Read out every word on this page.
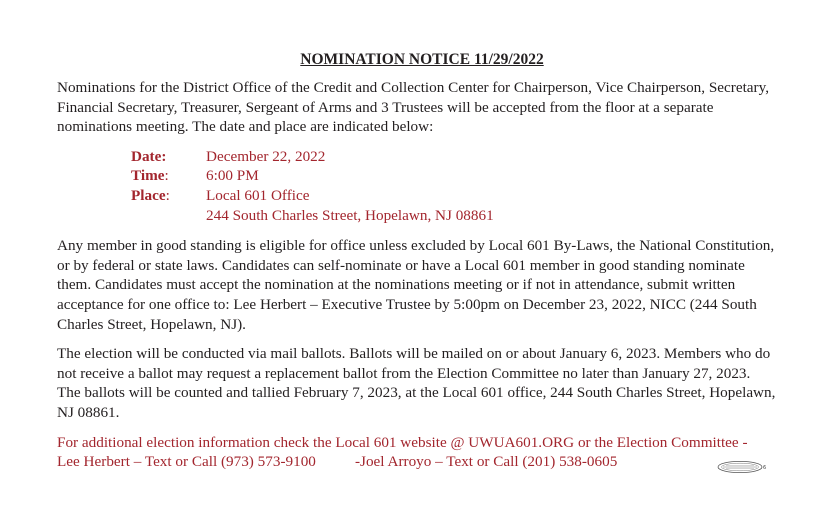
NOMINATION NOTICE 11/29/2022

Nominations for the District Office of the Credit and Collection Center for Chairperson, Vice Chairperson, Secretary, Financial Secretary, Treasurer, Sergeant of Arms and 3 Trustees will be accepted from the floor at a separate nominations meeting. The date and place are indicated below:

Date:	December 22, 2022
Time:	6:00 PM
Place:	Local 601 Office
244 South Charles Street, Hopelawn, NJ 08861

Any member in good standing is eligible for office unless excluded by Local 601 By-Laws, the National Constitution, or by federal or state laws. Candidates can self-nominate or have a Local 601 member in good standing nominate them. Candidates must accept the nomination at the nominations meeting or if not in attendance, submit written acceptance for one office to: Lee Herbert – Executive Trustee by 5:00pm on December 23, 2022, NICC (244 South Charles Street, Hopelawn, NJ).

The election will be conducted via mail ballots. Ballots will be mailed on or about January 6, 2023. Members who do not receive a ballot may request a replacement ballot from the Election Committee no later than January 27, 2023. The ballots will be counted and tallied February 7, 2023, at the Local 601 office, 244 South Charles Street, Hopelawn, NJ 08861.

For additional election information check the Local 601 website @ UWUA601.ORG or the Election Committee -
Lee Herbert – Text or Call (973) 573-9100	-Joel Arroyo – Text or Call (201) 538-0605	6
